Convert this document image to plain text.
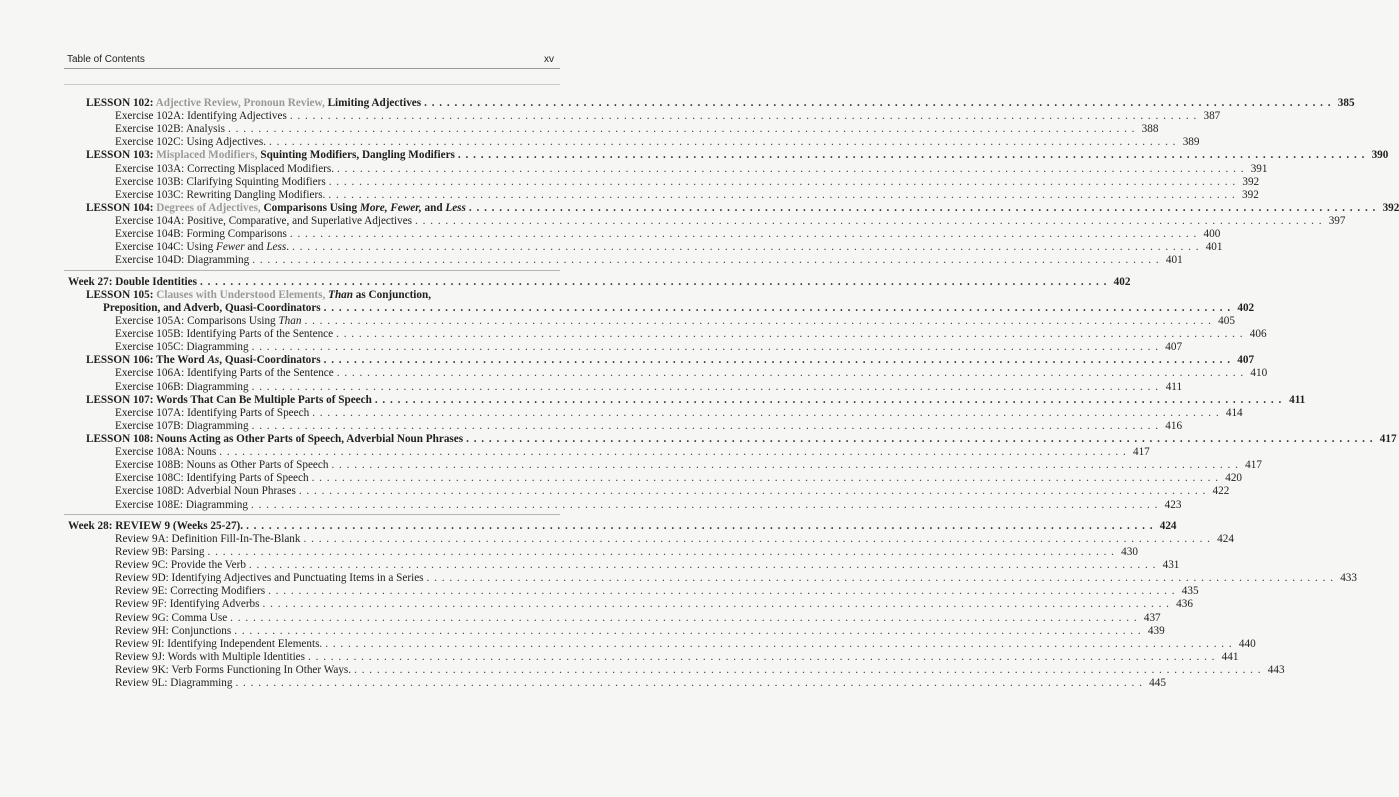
Table of Contents	xv
LESSON 102: Adjective Review, Pronoun Review, Limiting Adjectives . . . . . . . . . . . . . . . . . . . . . . . . . . . . . . . . . . . . . . . . . . . . . . . . . . . . . . . . . . . . . . . . . . . . . . . . . . . . . . . . . . . . . . . . . . . . . . . . . . . . . . . . . . . . . . . . . . . . . . . . 385
Exercise 102A: Identifying Adjectives . . . . . . . . . . . . . . . . . . . . . . . . . . . . . . . . . . . . . . . . . . . . . . . . . . . . . . . . . . . . . . . . . . . . . . . . . . . . . . . . . . . . . . . . . . . . . . . . . . . . . . . . . . . . . . . . . . . . . . . . 387
Exercise 102B: Analysis . . . . . . . . . . . . . . . . . . . . . . . . . . . . . . . . . . . . . . . . . . . . . . . . . . . . . . . . . . . . . . . . . . . . . . . . . . . . . . . . . . . . . . . . . . . . . . . . . . . . . . . . . . . . . . . . . . . . . . . . 388
Exercise 102C: Using Adjectives. . . . . . . . . . . . . . . . . . . . . . . . . . . . . . . . . . . . . . . . . . . . . . . . . . . . . . . . . . . . . . . . . . . . . . . . . . . . . . . . . . . . . . . . . . . . . . . . . . . . . . . . . . . . . . . . . . . . . . . . . 389
LESSON 103: Misplaced Modifiers, Squinting Modifiers, Dangling Modifiers . . . . . . . . . . . . . . . . . . . . . . . . . . . . . . . . . . . . . . . . . . . . . . . . . . . . . . . . . . . . . . . . . . . . . . . . . . . . . . . . . . . . . . . . . . . . . . . . . . . . . . . . . . . . . . . . . . . . . . . . 390
Exercise 103A: Correcting Misplaced Modifiers. . . . . . . . . . . . . . . . . . . . . . . . . . . . . . . . . . . . . . . . . . . . . . . . . . . . . . . . . . . . . . . . . . . . . . . . . . . . . . . . . . . . . . . . . . . . . . . . . . . . . . . . . . . . . . . . . . . . . . . . . 391
Exercise 103B: Clarifying Squinting Modifiers . . . . . . . . . . . . . . . . . . . . . . . . . . . . . . . . . . . . . . . . . . . . . . . . . . . . . . . . . . . . . . . . . . . . . . . . . . . . . . . . . . . . . . . . . . . . . . . . . . . . . . . . . . . . . . . . . . . . . . . . 392
Exercise 103C: Rewriting Dangling Modifiers. . . . . . . . . . . . . . . . . . . . . . . . . . . . . . . . . . . . . . . . . . . . . . . . . . . . . . . . . . . . . . . . . . . . . . . . . . . . . . . . . . . . . . . . . . . . . . . . . . . . . . . . . . . . . . . . . . . . . . . . . 392
LESSON 104: Degrees of Adjectives, Comparisons Using More, Fewer, and Less . . . . . . . . . . . . . . . . . . . . . . . . . . . . . . . . . . . . . . . . . . . . . . . . . . . . . . . . . . . . . . . . . . . . . . . . . . . . . . . . . . . . . . . . . . . . . . . . . . . . . . . . . . . . . . . . . . . . . . . . 392
Exercise 104A: Positive, Comparative, and Superlative Adjectives . . . . . . . . . . . . . . . . . . . . . . . . . . . . . . . . . . . . . . . . . . . . . . . . . . . . . . . . . . . . . . . . . . . . . . . . . . . . . . . . . . . . . . . . . . . . . . . . . . . . . . . . . . . . . . . . . . . . . . . . 397
Exercise 104B: Forming Comparisons . . . . . . . . . . . . . . . . . . . . . . . . . . . . . . . . . . . . . . . . . . . . . . . . . . . . . . . . . . . . . . . . . . . . . . . . . . . . . . . . . . . . . . . . . . . . . . . . . . . . . . . . . . . . . . . . . . . . . . . . 400
Exercise 104C: Using Fewer and Less. . . . . . . . . . . . . . . . . . . . . . . . . . . . . . . . . . . . . . . . . . . . . . . . . . . . . . . . . . . . . . . . . . . . . . . . . . . . . . . . . . . . . . . . . . . . . . . . . . . . . . . . . . . . . . . . . . . . . . . . . 401
Exercise 104D: Diagramming . . . . . . . . . . . . . . . . . . . . . . . . . . . . . . . . . . . . . . . . . . . . . . . . . . . . . . . . . . . . . . . . . . . . . . . . . . . . . . . . . . . . . . . . . . . . . . . . . . . . . . . . . . . . . . . . . . . . . . . . 401
Week 27: Double Identities . . . . . . . . . . . . . . . . . . . . . . . . . . . . . . . . . . . . . . . . . . . . . . . . . . . . . . . . . . . . . . . . . . . . . . . . . . . . . . . . . . . . . . . . . . . . . . . . . . . . . . . . . . . . . . . . . . . . . . . . 402
LESSON 105: Clauses with Understood Elements, Than as Conjunction,
Preposition, and Adverb, Quasi-Coordinators . . . . . . . . . . . . . . . . . . . . . . . . . . . . . . . . . . . . . . . . . . . . . . . . . . . . . . . . . . . . . . . . . . . . . . . . . . . . . . . . . . . . . . . . . . . . . . . . . . . . . . . . . . . . . . . . . . . . . . . . 402
Exercise 105A: Comparisons Using Than . . . . . . . . . . . . . . . . . . . . . . . . . . . . . . . . . . . . . . . . . . . . . . . . . . . . . . . . . . . . . . . . . . . . . . . . . . . . . . . . . . . . . . . . . . . . . . . . . . . . . . . . . . . . . . . . . . . . . . . . 405
Exercise 105B: Identifying Parts of the Sentence . . . . . . . . . . . . . . . . . . . . . . . . . . . . . . . . . . . . . . . . . . . . . . . . . . . . . . . . . . . . . . . . . . . . . . . . . . . . . . . . . . . . . . . . . . . . . . . . . . . . . . . . . . . . . . . . . . . . . . . . 406
Exercise 105C: Diagramming . . . . . . . . . . . . . . . . . . . . . . . . . . . . . . . . . . . . . . . . . . . . . . . . . . . . . . . . . . . . . . . . . . . . . . . . . . . . . . . . . . . . . . . . . . . . . . . . . . . . . . . . . . . . . . . . . . . . . . . . 407
LESSON 106: The Word As, Quasi-Coordinators . . . . . . . . . . . . . . . . . . . . . . . . . . . . . . . . . . . . . . . . . . . . . . . . . . . . . . . . . . . . . . . . . . . . . . . . . . . . . . . . . . . . . . . . . . . . . . . . . . . . . . . . . . . . . . . . . . . . . . . . 407
Exercise 106A: Identifying Parts of the Sentence . . . . . . . . . . . . . . . . . . . . . . . . . . . . . . . . . . . . . . . . . . . . . . . . . . . . . . . . . . . . . . . . . . . . . . . . . . . . . . . . . . . . . . . . . . . . . . . . . . . . . . . . . . . . . . . . . . . . . . . . 410
Exercise 106B: Diagramming . . . . . . . . . . . . . . . . . . . . . . . . . . . . . . . . . . . . . . . . . . . . . . . . . . . . . . . . . . . . . . . . . . . . . . . . . . . . . . . . . . . . . . . . . . . . . . . . . . . . . . . . . . . . . . . . . . . . . . . . 411
LESSON 107: Words That Can Be Multiple Parts of Speech . . . . . . . . . . . . . . . . . . . . . . . . . . . . . . . . . . . . . . . . . . . . . . . . . . . . . . . . . . . . . . . . . . . . . . . . . . . . . . . . . . . . . . . . . . . . . . . . . . . . . . . . . . . . . . . . . . . . . . . . 411
Exercise 107A: Identifying Parts of Speech . . . . . . . . . . . . . . . . . . . . . . . . . . . . . . . . . . . . . . . . . . . . . . . . . . . . . . . . . . . . . . . . . . . . . . . . . . . . . . . . . . . . . . . . . . . . . . . . . . . . . . . . . . . . . . . . . . . . . . . . 414
Exercise 107B: Diagramming . . . . . . . . . . . . . . . . . . . . . . . . . . . . . . . . . . . . . . . . . . . . . . . . . . . . . . . . . . . . . . . . . . . . . . . . . . . . . . . . . . . . . . . . . . . . . . . . . . . . . . . . . . . . . . . . . . . . . . . . 416
LESSON 108: Nouns Acting as Other Parts of Speech, Adverbial Noun Phrases . . . . . . . . . . . . . . . . . . . . . . . . . . . . . . . . . . . . . . . . . . . . . . . . . . . . . . . . . . . . . . . . . . . . . . . . . . . . . . . . . . . . . . . . . . . . . . . . . . . . . . . . . . . . . . . . . . . . . . . . 417
Exercise 108A: Nouns . . . . . . . . . . . . . . . . . . . . . . . . . . . . . . . . . . . . . . . . . . . . . . . . . . . . . . . . . . . . . . . . . . . . . . . . . . . . . . . . . . . . . . . . . . . . . . . . . . . . . . . . . . . . . . . . . . . . . . . . 417
Exercise 108B: Nouns as Other Parts of Speech . . . . . . . . . . . . . . . . . . . . . . . . . . . . . . . . . . . . . . . . . . . . . . . . . . . . . . . . . . . . . . . . . . . . . . . . . . . . . . . . . . . . . . . . . . . . . . . . . . . . . . . . . . . . . . . . . . . . . . . . 417
Exercise 108C: Identifying Parts of Speech . . . . . . . . . . . . . . . . . . . . . . . . . . . . . . . . . . . . . . . . . . . . . . . . . . . . . . . . . . . . . . . . . . . . . . . . . . . . . . . . . . . . . . . . . . . . . . . . . . . . . . . . . . . . . . . . . . . . . . . . 420
Exercise 108D: Adverbial Noun Phrases . . . . . . . . . . . . . . . . . . . . . . . . . . . . . . . . . . . . . . . . . . . . . . . . . . . . . . . . . . . . . . . . . . . . . . . . . . . . . . . . . . . . . . . . . . . . . . . . . . . . . . . . . . . . . . . . . . . . . . . . 422
Exercise 108E: Diagramming . . . . . . . . . . . . . . . . . . . . . . . . . . . . . . . . . . . . . . . . . . . . . . . . . . . . . . . . . . . . . . . . . . . . . . . . . . . . . . . . . . . . . . . . . . . . . . . . . . . . . . . . . . . . . . . . . . . . . . . . 423
Week 28: REVIEW 9 (Weeks 25-27). . . . . . . . . . . . . . . . . . . . . . . . . . . . . . . . . . . . . . . . . . . . . . . . . . . . . . . . . . . . . . . . . . . . . . . . . . . . . . . . . . . . . . . . . . . . . . . . . . . . . . . . . . . . . . . . . . . . . . . . . 424
Review 9A: Definition Fill-In-The-Blank . . . . . . . . . . . . . . . . . . . . . . . . . . . . . . . . . . . . . . . . . . . . . . . . . . . . . . . . . . . . . . . . . . . . . . . . . . . . . . . . . . . . . . . . . . . . . . . . . . . . . . . . . . . . . . . . . . . . . . . . 424
Review 9B: Parsing . . . . . . . . . . . . . . . . . . . . . . . . . . . . . . . . . . . . . . . . . . . . . . . . . . . . . . . . . . . . . . . . . . . . . . . . . . . . . . . . . . . . . . . . . . . . . . . . . . . . . . . . . . . . . . . . . . . . . . . . 430
Review 9C: Provide the Verb . . . . . . . . . . . . . . . . . . . . . . . . . . . . . . . . . . . . . . . . . . . . . . . . . . . . . . . . . . . . . . . . . . . . . . . . . . . . . . . . . . . . . . . . . . . . . . . . . . . . . . . . . . . . . . . . . . . . . . . . 431
Review 9D: Identifying Adjectives and Punctuating Items in a Series . . . . . . . . . . . . . . . . . . . . . . . . . . . . . . . . . . . . . . . . . . . . . . . . . . . . . . . . . . . . . . . . . . . . . . . . . . . . . . . . . . . . . . . . . . . . . . . . . . . . . . . . . . . . . . . . . . . . . . . . 433
Review 9E: Correcting Modifiers . . . . . . . . . . . . . . . . . . . . . . . . . . . . . . . . . . . . . . . . . . . . . . . . . . . . . . . . . . . . . . . . . . . . . . . . . . . . . . . . . . . . . . . . . . . . . . . . . . . . . . . . . . . . . . . . . . . . . . . . 435
Review 9F: Identifying Adverbs . . . . . . . . . . . . . . . . . . . . . . . . . . . . . . . . . . . . . . . . . . . . . . . . . . . . . . . . . . . . . . . . . . . . . . . . . . . . . . . . . . . . . . . . . . . . . . . . . . . . . . . . . . . . . . . . . . . . . . . . 436
Review 9G: Comma Use . . . . . . . . . . . . . . . . . . . . . . . . . . . . . . . . . . . . . . . . . . . . . . . . . . . . . . . . . . . . . . . . . . . . . . . . . . . . . . . . . . . . . . . . . . . . . . . . . . . . . . . . . . . . . . . . . . . . . . . . 437
Review 9H: Conjunctions . . . . . . . . . . . . . . . . . . . . . . . . . . . . . . . . . . . . . . . . . . . . . . . . . . . . . . . . . . . . . . . . . . . . . . . . . . . . . . . . . . . . . . . . . . . . . . . . . . . . . . . . . . . . . . . . . . . . . . . . 439
Review 9I: Identifying Independent Elements. . . . . . . . . . . . . . . . . . . . . . . . . . . . . . . . . . . . . . . . . . . . . . . . . . . . . . . . . . . . . . . . . . . . . . . . . . . . . . . . . . . . . . . . . . . . . . . . . . . . . . . . . . . . . . . . . . . . . . . . . 440
Review 9J: Words with Multiple Identities . . . . . . . . . . . . . . . . . . . . . . . . . . . . . . . . . . . . . . . . . . . . . . . . . . . . . . . . . . . . . . . . . . . . . . . . . . . . . . . . . . . . . . . . . . . . . . . . . . . . . . . . . . . . . . . . . . . . . . . . 441
Review 9K: Verb Forms Functioning In Other Ways. . . . . . . . . . . . . . . . . . . . . . . . . . . . . . . . . . . . . . . . . . . . . . . . . . . . . . . . . . . . . . . . . . . . . . . . . . . . . . . . . . . . . . . . . . . . . . . . . . . . . . . . . . . . . . . . . . . . . . . . . 443
Review 9L: Diagramming . . . . . . . . . . . . . . . . . . . . . . . . . . . . . . . . . . . . . . . . . . . . . . . . . . . . . . . . . . . . . . . . . . . . . . . . . . . . . . . . . . . . . . . . . . . . . . . . . . . . . . . . . . . . . . . . . . . . . . . . 445
